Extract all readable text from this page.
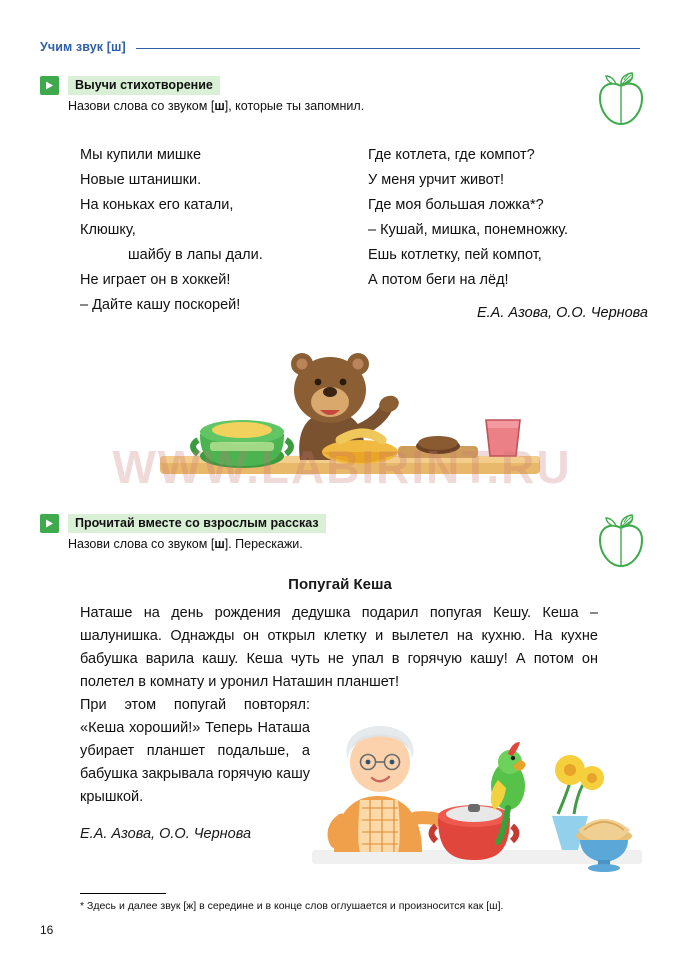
Учим звук [ш]
Выучи стихотворение
Назови слова со звуком [ш], которые ты запомнил.
Мы купили мишке
Новые штанишки.
На коньках его катали,
Клюшку,
шайбу в лапы дали.
Не играет он в хоккей!
– Дайте кашу поскорей!
Где котлета, где компот?
У меня урчит живот!
Где моя большая ложка*?
– Кушай, мишка, понемножку.
Ешь котлетку, пей компот,
А потом беги на лёд!
Е.А. Азова, О.О. Чернова
WWW.LABIRINT.RU
Прочитай вместе со взрослым рассказ
Назови слова со звуком [ш]. Перескажи.
Попугай Кеша

Наташе на день рождения дедушка подарил попугая Кешу. Кеша – шалунишка. Однажды он открыл клетку и вылетел на кухню. На кухне бабушка варила кашу. Кеша чуть не упал в горячую кашу! А потом он полетел в комнату и уронил Наташин планшет!

При этом попугай повторял: «Кеша хороший!» Теперь Наташа убирает планшет подальше, а бабушка закрывала горячую кашу крышкой.
Е.А. Азова, О.О. Чернова
* Здесь и далее звук [ж] в середине и в конце слов оглушается и произносится как [ш].
16
